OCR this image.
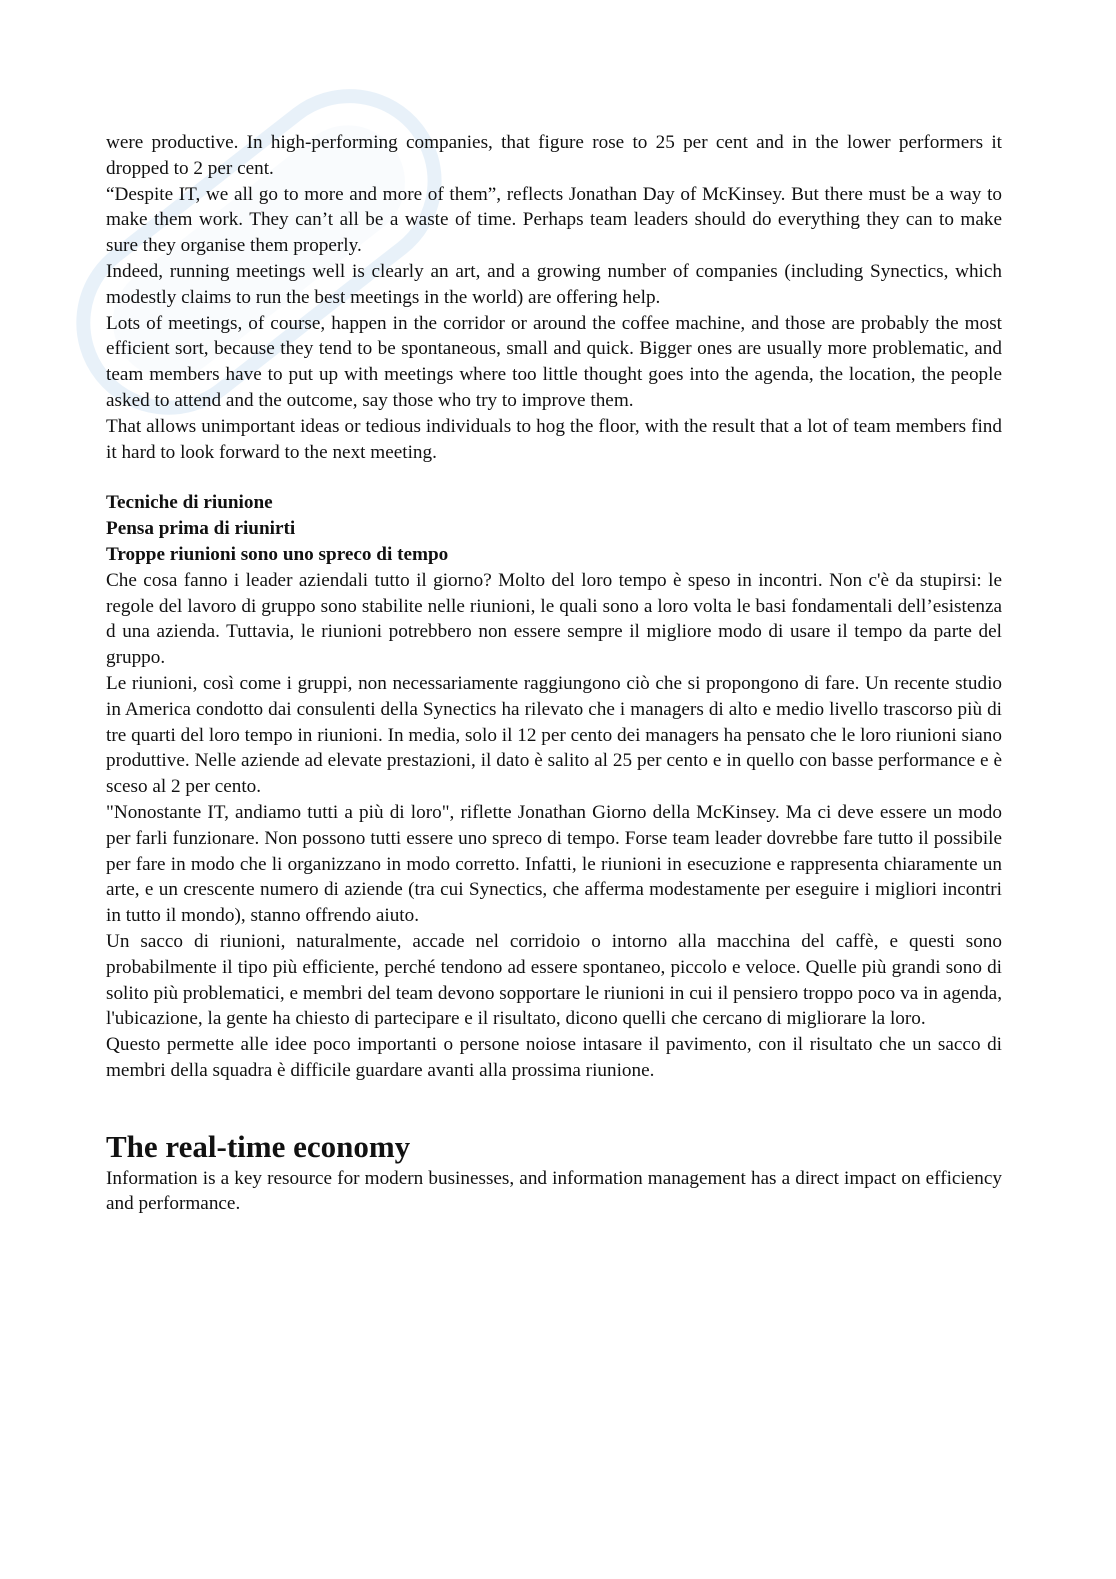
were productive. In high-performing companies, that figure rose to 25 per cent and in the lower performers it dropped to 2 per cent.

“Despite IT, we all go to more and more of them”, reflects Jonathan Day of McKinsey. But there must be a way to make them work. They can’t all be a waste of time. Perhaps team leaders should do everything they can to make sure they organise them properly.

Indeed, running meetings well is clearly an art, and a growing number of companies (including Synectics, which modestly claims to run the best meetings in the world) are offering help.

Lots of meetings, of course, happen in the corridor or around the coffee machine, and those are probably the most efficient sort, because they tend to be spontaneous, small and quick. Bigger ones are usually more problematic, and team members have to put up with meetings where too little thought goes into the agenda, the location, the people asked to attend and the outcome, say those who try to improve them.

That allows unimportant ideas or tedious individuals to hog the floor, with the result that a lot of team members find it hard to look forward to the next meeting.

Tecniche di riunione

Pensa prima di riunirti

Troppe riunioni sono uno spreco di tempo

Che cosa fanno i leader aziendali tutto il giorno? Molto del loro tempo è speso in incontri. Non c'è da stupirsi: le regole del lavoro di gruppo sono stabilite nelle riunioni, le quali sono a loro volta le basi fondamentali dell’esistenza d una azienda. Tuttavia, le riunioni potrebbero non essere sempre il migliore modo di usare il tempo da parte del gruppo.

Le riunioni, così come i gruppi, non necessariamente raggiungono ciò che si propongono di fare. Un recente studio in America condotto dai consulenti della Synectics ha rilevato che i managers di alto e medio livello trascorso più di tre quarti del loro tempo in riunioni. In media, solo il 12 per cento dei managers ha pensato che le loro riunioni siano produttive. Nelle aziende ad elevate prestazioni, il dato è salito al 25 per cento e in quello con basse performance e è sceso al 2 per cento.

"Nonostante IT, andiamo tutti a più di loro", riflette Jonathan Giorno della McKinsey. Ma ci deve essere un modo per farli funzionare. Non possono tutti essere uno spreco di tempo. Forse team leader dovrebbe fare tutto il possibile per fare in modo che li organizzano in modo corretto. Infatti, le riunioni in esecuzione e rappresenta chiaramente un arte, e un crescente numero di aziende (tra cui Synectics, che afferma modestamente per eseguire i migliori incontri in tutto il mondo), stanno offrendo aiuto.

Un sacco di riunioni, naturalmente, accade nel corridoio o intorno alla macchina del caffè, e questi sono probabilmente il tipo più efficiente, perché tendono ad essere spontaneo, piccolo e veloce. Quelle più grandi sono di solito più problematici, e membri del team devono sopportare le riunioni in cui il pensiero troppo poco va in agenda, l'ubicazione, la gente ha chiesto di partecipare e il risultato, dicono quelli che cercano di migliorare la loro.

Questo permette alle idee poco importanti o persone noiose intasare il pavimento, con il risultato che un sacco di membri della squadra è difficile guardare avanti alla prossima riunione.

The real-time economy

Information is a key resource for modern businesses, and information management has a direct impact on efficiency and performance.
